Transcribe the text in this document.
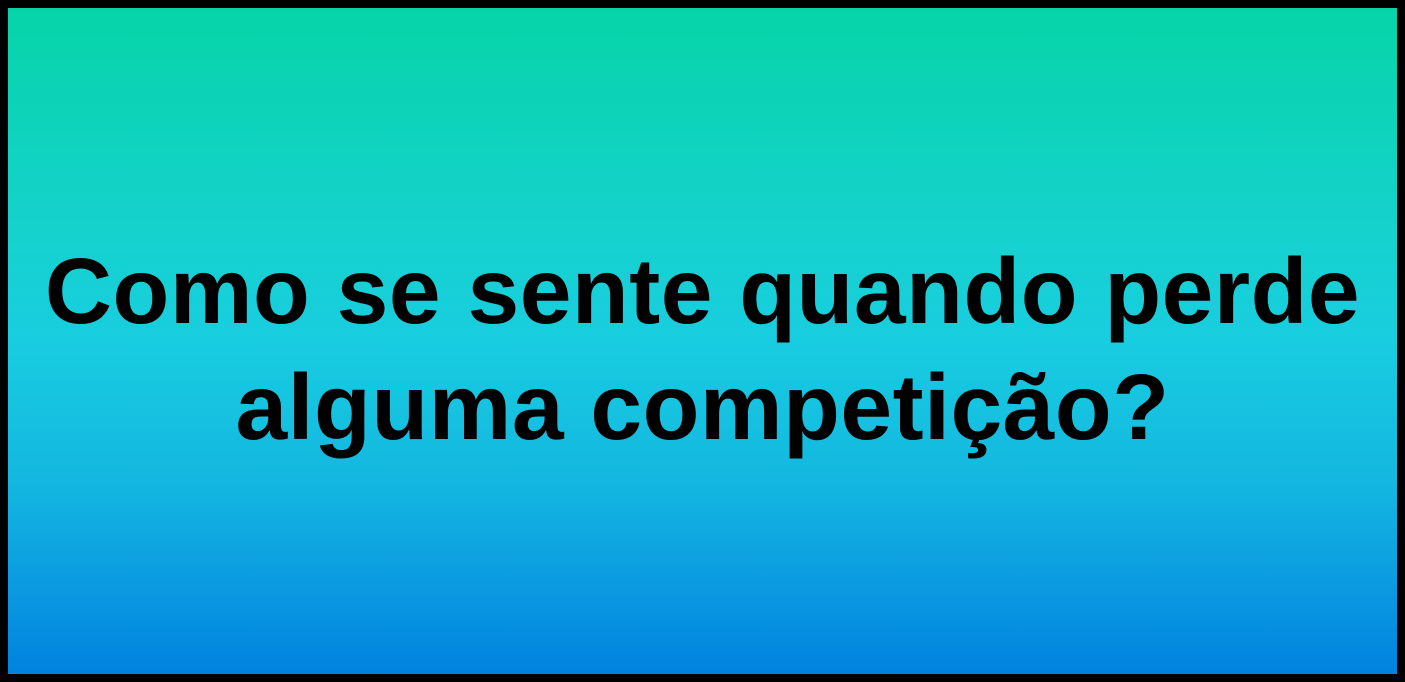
Como se sente quando perde
alguma competição?
